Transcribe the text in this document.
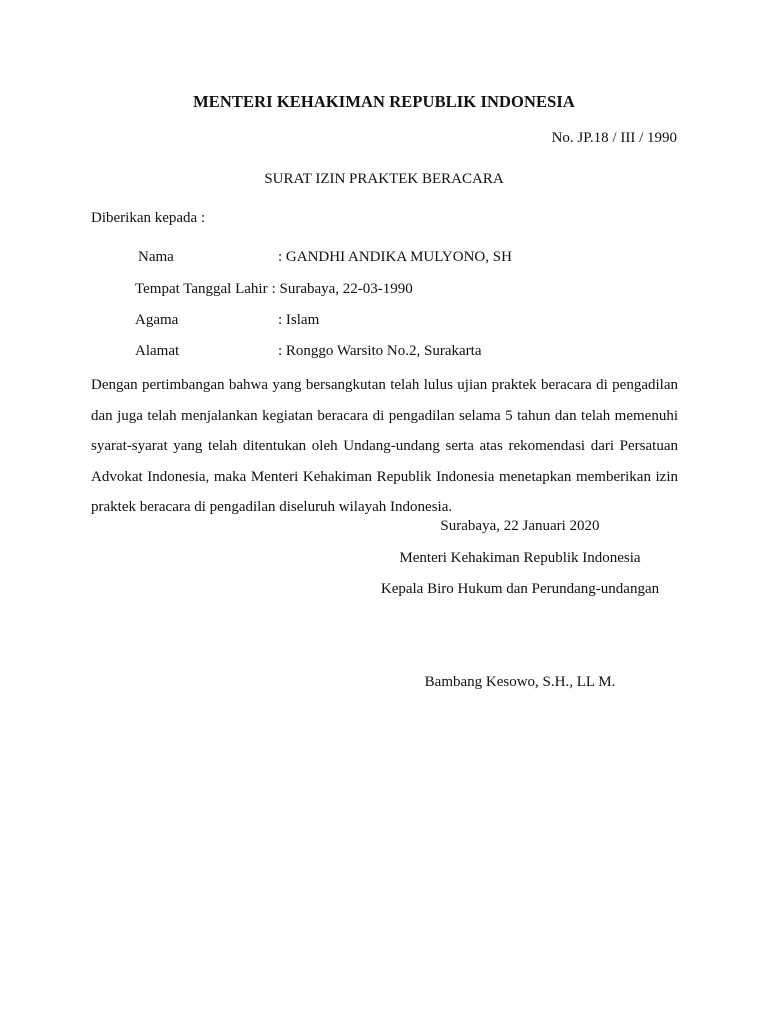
MENTERI KEHAKIMAN REPUBLIK INDONESIA
No. JP.18 / III / 1990
SURAT IZIN PRAKTEK BERACARA
Diberikan kepada :
Nama	: GANDHI ANDIKA MULYONO, SH
Tempat Tanggal Lahir : Surabaya, 22-03-1990
Agama	: Islam
Alamat	: Ronggo Warsito No.2, Surakarta
Dengan pertimbangan bahwa yang bersangkutan telah lulus ujian praktek beracara di pengadilan dan juga telah menjalankan kegiatan beracara di pengadilan selama 5 tahun dan telah memenuhi syarat-syarat yang telah ditentukan oleh Undang-undang serta atas rekomendasi dari Persatuan Advokat Indonesia, maka Menteri Kehakiman Republik Indonesia menetapkan memberikan izin praktek beracara di pengadilan diseluruh wilayah Indonesia.
Surabaya, 22 Januari 2020
Menteri Kehakiman Republik Indonesia
Kepala Biro Hukum dan Perundang-undangan
Bambang Kesowo, S.H., LL M.
